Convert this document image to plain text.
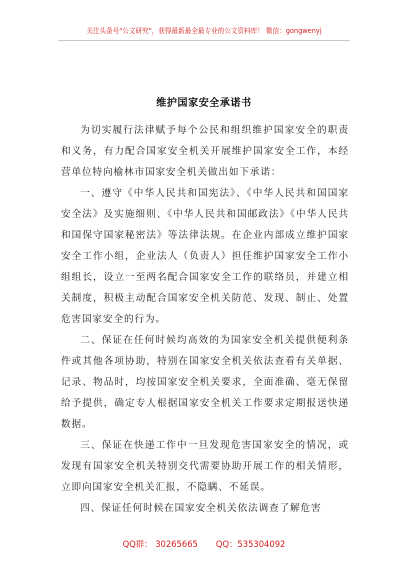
关注头条号"公文研究"，获得最新最全最专业的公文资料库！ 微信：gongwenyj
维护国家安全承诺书

为切实履行法律赋予每个公民和组织维护国家安全的职责和义务，有力配合国家安全机关开展维护国家安全工作，本经营单位特向榆林市国家安全机关做出如下承诺：

一、遵守《中华人民共和国宪法》、《中华人民共和国国家安全法》及实施细则、《中华人民共和国邮政法》《中华人民共和国保守国家秘密法》等法律法规。在企业内部成立维护国家安全工作小组，企业法人（负责人）担任维护国家安全工作小组组长，设立一至两名配合国家安全工作的联络员，并建立相关制度，积极主动配合国家安全机关防范、发现、制止、处置危害国家安全的行为。

二、保证在任何时候均高效的为国家安全机关提供便利条件或其他各项协助，特别在国家安全机关依法查看有关单据、记录、物品时，均按国家安全机关要求，全面准确、毫无保留给予提供，确定专人根据国家安全机关工作要求定期报送快递数据。

三、保证在快递工作中一旦发现危害国家安全的情况，或发现有国家安全机关特别交代需要协助开展工作的相关情形，立即向国家安全机关汇报，不隐瞒、不延误。

四、保证任何时候在国家安全机关依法调查了解危害

QQ群： 30265665 QQ：535304092
